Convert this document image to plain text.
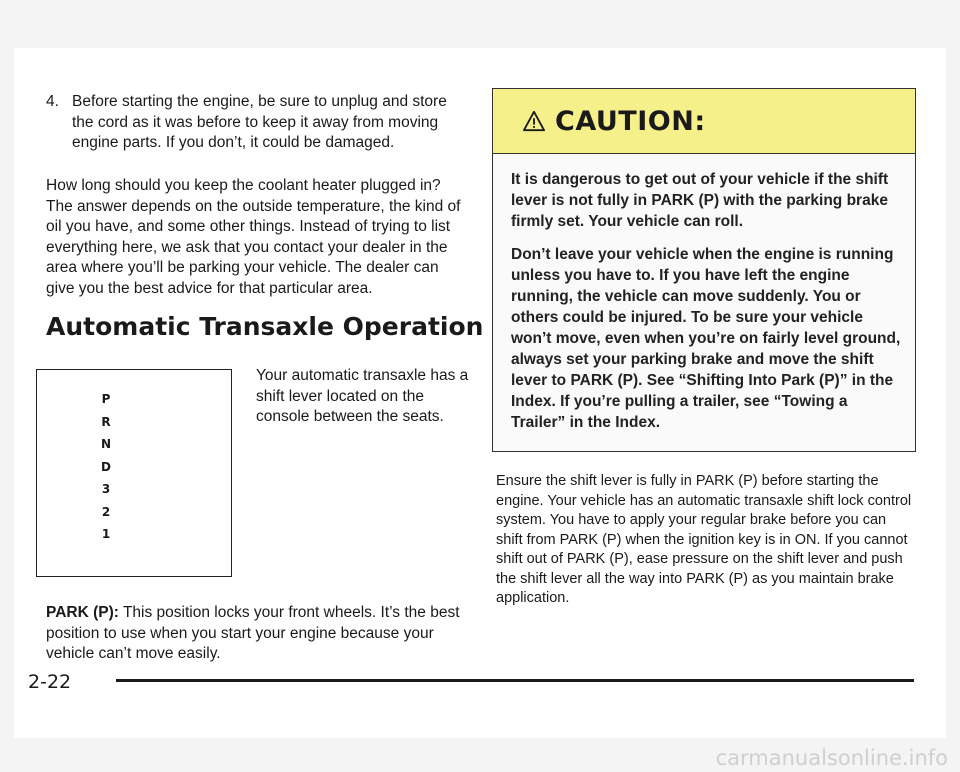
4. Before starting the engine, be sure to unplug and store the cord as it was before to keep it away from moving engine parts. If you don’t, it could be damaged.
How long should you keep the coolant heater plugged in? The answer depends on the outside temperature, the kind of oil you have, and some other things. Instead of trying to list everything here, we ask that you contact your dealer in the area where you’ll be parking your vehicle. The dealer can give you the best advice for that particular area.
Automatic Transaxle Operation
P
R
N
D
3
2
1
Your automatic transaxle has a shift lever located on the console between the seats.
PARK (P): This position locks your front wheels. It’s the best position to use when you start your engine because your vehicle can’t move easily.
CAUTION:

It is dangerous to get out of your vehicle if the shift lever is not fully in PARK (P) with the parking brake firmly set. Your vehicle can roll.

Don’t leave your vehicle when the engine is running unless you have to. If you have left the engine running, the vehicle can move suddenly. You or others could be injured. To be sure your vehicle won’t move, even when you’re on fairly level ground, always set your parking brake and move the shift lever to PARK (P). See “Shifting Into Park (P)” in the Index. If you’re pulling a trailer, see “Towing a Trailer” in the Index.

Ensure the shift lever is fully in PARK (P) before starting the engine. Your vehicle has an automatic transaxle shift lock control system. You have to apply your regular brake before you can shift from PARK (P) when the ignition key is in ON. If you cannot shift out of PARK (P), ease pressure on the shift lever and push the shift lever all the way into PARK (P) as you maintain brake application.
2-22
carmanualsonline.info
